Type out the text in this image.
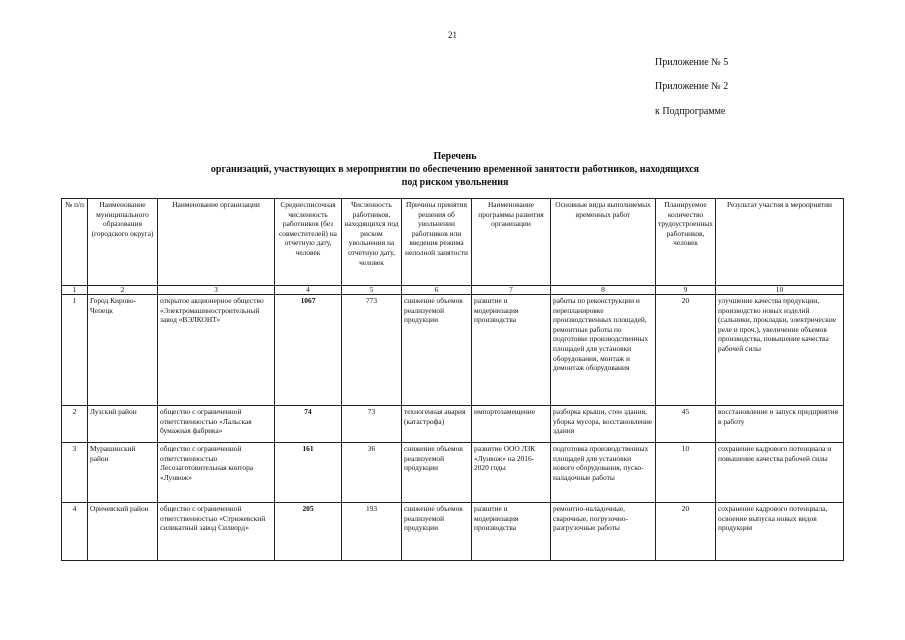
21
Приложение № 5
Приложение № 2
к Подпрограмме
Перечень
организаций, участвующих в мероприятии по обеспечению временной занятости работников, находящихся
под риском увольнения
№ п/п	Наименование муниципального образования (городского округа)	Наименование организации	Среднесписочная численность работников (без совместителей) на отчетную дату, человек	Численность работников, находящихся под риском увольнения на отчетную дату, человек	Причины принятия решения об увольнении работников или введения режима неполной занятости	Наименование программы развития организации	Основные виды выполняемых временных работ	Планируемое количество трудоустроенных работников, человек	Результат участия в мероприятии
1	2	3	4	5	6	7	8	9	10
1	Город Кирово-Чепецк	открытое акционерное общество «Электромашиностроительный завод «ВЭЛКОНТ»	1067	773	снижение объемов реализуемой продукции	развитие и модернизация производства	работы по реконструкции и перепланировке производственных площадей, ремонтные работы по подготовке производственных площадей для установки оборудования, монтаж и демонтаж оборудования	20	улучшение качества продукции, производство новых изделий (сальники, прокладки, электрические реле и проч.), увеличение объемов производства, повышение качества рабочей силы
2	Лузский район	общество с ограниченной ответственностью «Лальская бумажная фабрика»	74	73	техногенная авария (катастрофа)	импортозамещение	разборка крыши, стен здания, уборка мусора, восстановление здания	45	восстановление и запуск предприятия в работу
3	Мурашинский район	общество с ограниченной ответственностью Лесозаготовительная контора «Лунвож»	161	36	снижение объемов реализуемой продукции	развитие ООО ЛЗК «Лунвож» на 2016-2020 годы	подготовка производственных площадей для установки нового оборудования, пуско-наладочные работы	10	сохранение кадрового потенциала и повышение качества рабочей силы
4	Оричевский район	общество с ограниченной ответственностью «Стрижевский силикатный завод Силворд»	205	193	снижение объемов реализуемой продукции	развитие и модернизация производства	ремонтно-наладочные, сварочные, погрузочно-разгрузочные работы	20	сохранение кадрового потенциала, освоение выпуска новых видов продукции
